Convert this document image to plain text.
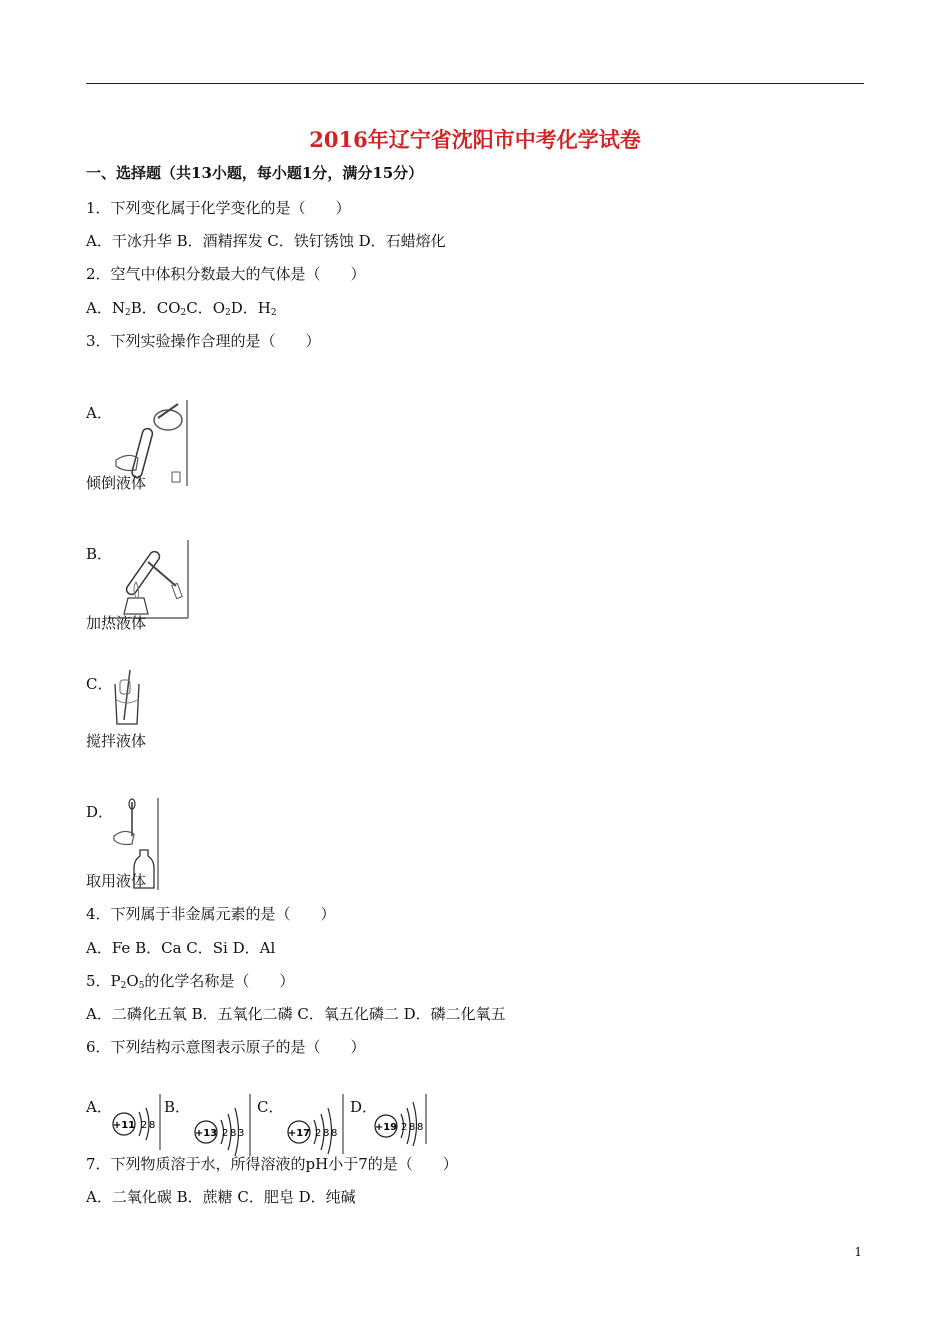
2016年辽宁省沈阳市中考化学试卷
一、选择题（共13小题，每小题1分，满分15分）
1．下列变化属于化学变化的是（　　）
A．干冰升华 B．酒精挥发 C．铁钉锈蚀 D．石蜡熔化
2．空气中体积分数最大的气体是（　　）
A．$N_2B$．$CO_2C$．$O_2D$．$H_2$
3．下列实验操作合理的是（　　）
A．
倾倒液体
B．
加热液体
C．
搅拌液体
D．
取用液体
4．下列属于非金属元素的是（　　）
A．Fe B．Ca C．Si D．Al
5．$P_2O_5$的化学名称是（　　）
A．二磷化五氧 B．五氧化二磷 C．氧五化磷二 D．磷二化氧五
6．下列结构示意图表示原子的是（　　）
A．
+11 2 8
B．
+13 2 8 3
C．
+17 2 8 8
D．
+19 2 8 8
7．下列物质溶于水，所得溶液的pH小于7的是（　　）
A．二氧化碳 B．蔗糖 C．肥皂 D．纯碱
1
